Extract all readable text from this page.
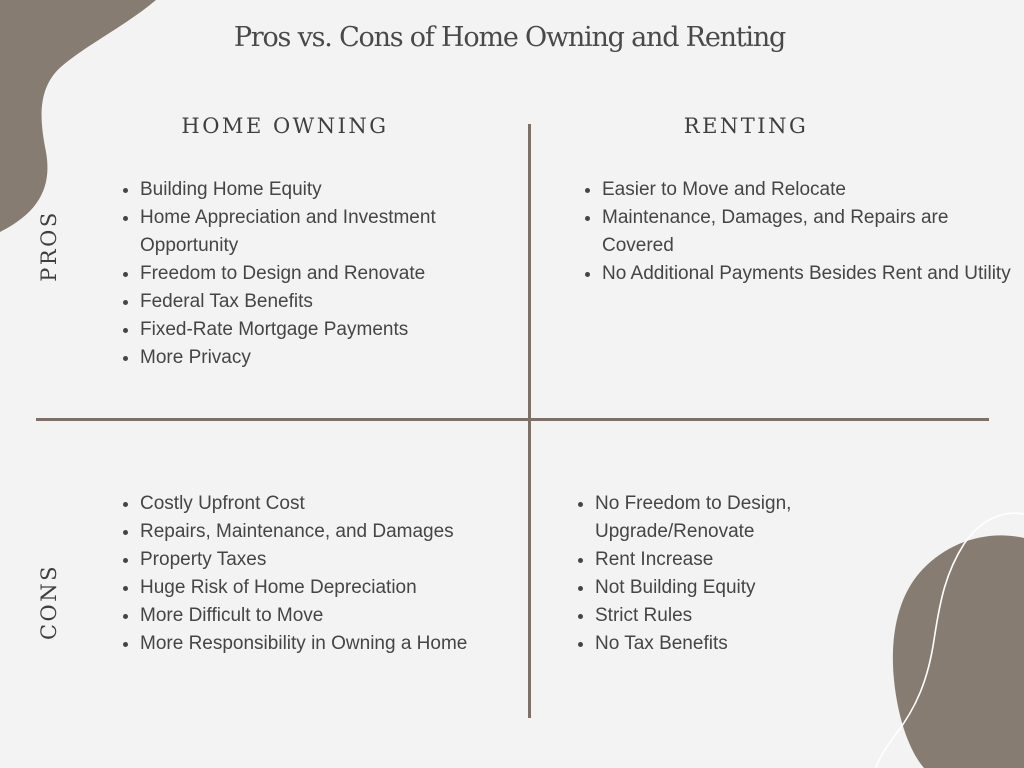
Pros vs. Cons of Home Owning and Renting
HOME OWNING	RENTING
PROS
CONS
• Building Home Equity
• Home Appreciation and Investment Opportunity
• Freedom to Design and Renovate
• Federal Tax Benefits
• Fixed-Rate Mortgage Payments
• More Privacy
• Easier to Move and Relocate
• Maintenance, Damages, and Repairs are Covered
• No Additional Payments Besides Rent and Utility
• Costly Upfront Cost
• Repairs, Maintenance, and Damages
• Property Taxes
• Huge Risk of Home Depreciation
• More Difficult to Move
• More Responsibility in Owning a Home
• No Freedom to Design, Upgrade/Renovate
• Rent Increase
• Not Building Equity
• Strict Rules
• No Tax Benefits
